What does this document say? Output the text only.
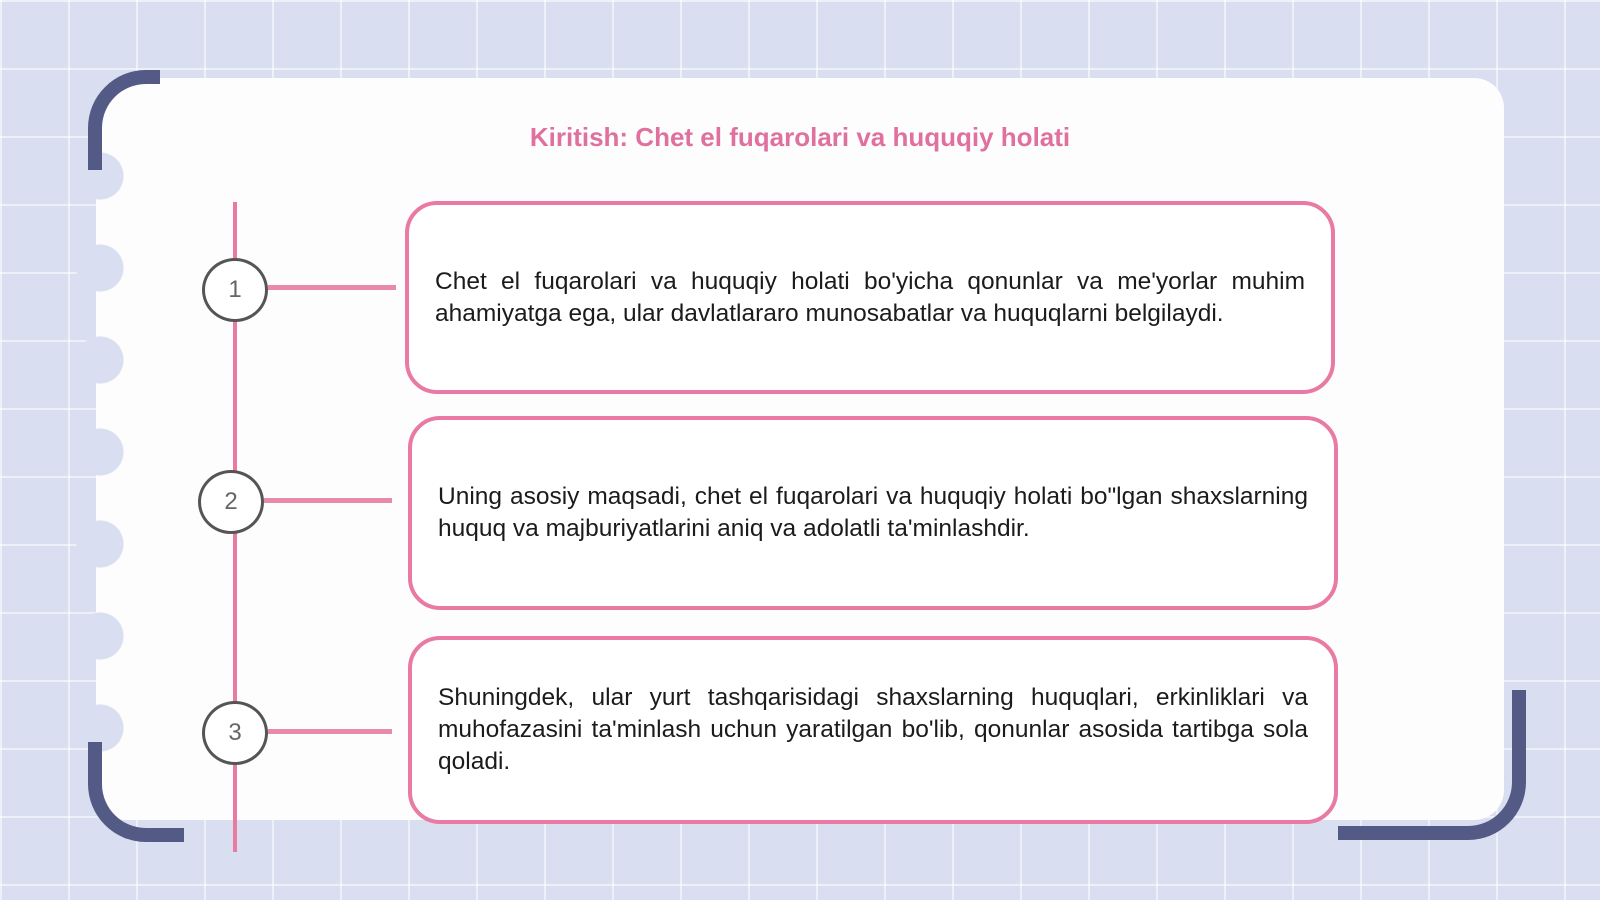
Kiritish: Chet el fuqarolari va huquqiy holati
1
2
3
Chet el fuqarolari va huquqiy holati bo'yicha qonunlar va me'yorlar muhim ahamiyatga ega, ular davlatlararo munosabatlar va huquqlarni belgilaydi.
Uning asosiy maqsadi, chet el fuqarolari va huquqiy holati bo"lgan shaxslarning huquq va majburiyatlarini aniq va adolatli ta'minlashdir.
Shuningdek, ular yurt tashqarisidagi shaxslarning huquqlari, erkinliklari va muhofazasini ta'minlash uchun yaratilgan bo'lib, qonunlar asosida tartibga sola qoladi.
